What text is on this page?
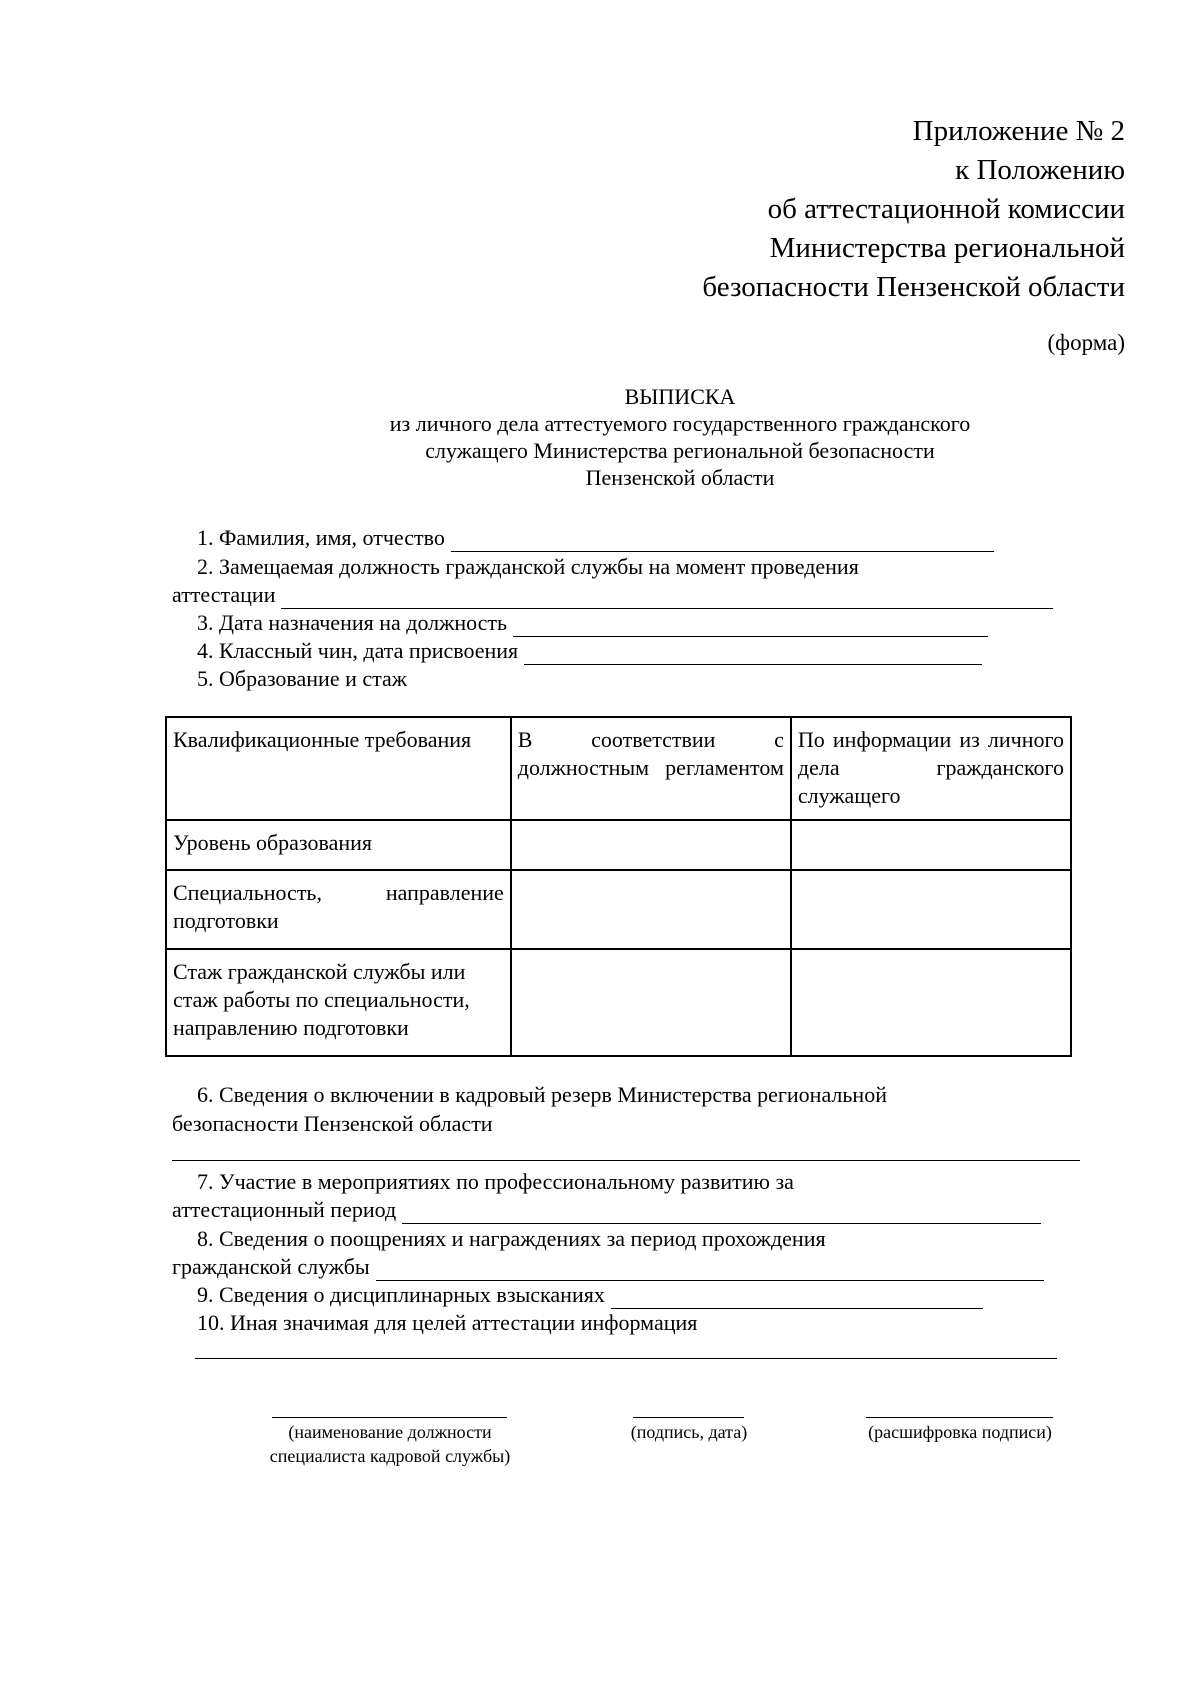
Приложение № 2
к Положению
об аттестационной комиссии
Министерства региональной
безопасности Пензенской области
(форма)
ВЫПИСКА
из личного дела аттестуемого государственного гражданского
служащего Министерства региональной безопасности
Пензенской области
1. Фамилия, имя, отчество
2. Замещаемая должность гражданской службы на момент проведения
аттестации
3. Дата назначения на должность
4. Классный чин, дата присвоения
5. Образование и стаж
Квалификационные требования	В соответствии с должностным регламентом	По информации из личного дела гражданского служащего

Уровень образования		

Специальность, направление подготовки		

Стаж гражданской службы или стаж работы по специальности, направлению подготовки		

6. Сведения о включении в кадровый резерв Министерства региональной
безопасности Пензенской области
7. Участие в мероприятиях по профессиональному развитию за
аттестационный период
8. Сведения о поощрениях и награждениях за период прохождения
гражданской службы
9. Сведения о дисциплинарных взысканиях
10. Иная значимая для целей аттестации информация
(наименование должности
специалиста кадровой службы)
(подпись, дата)	(расшифровка подписи)
